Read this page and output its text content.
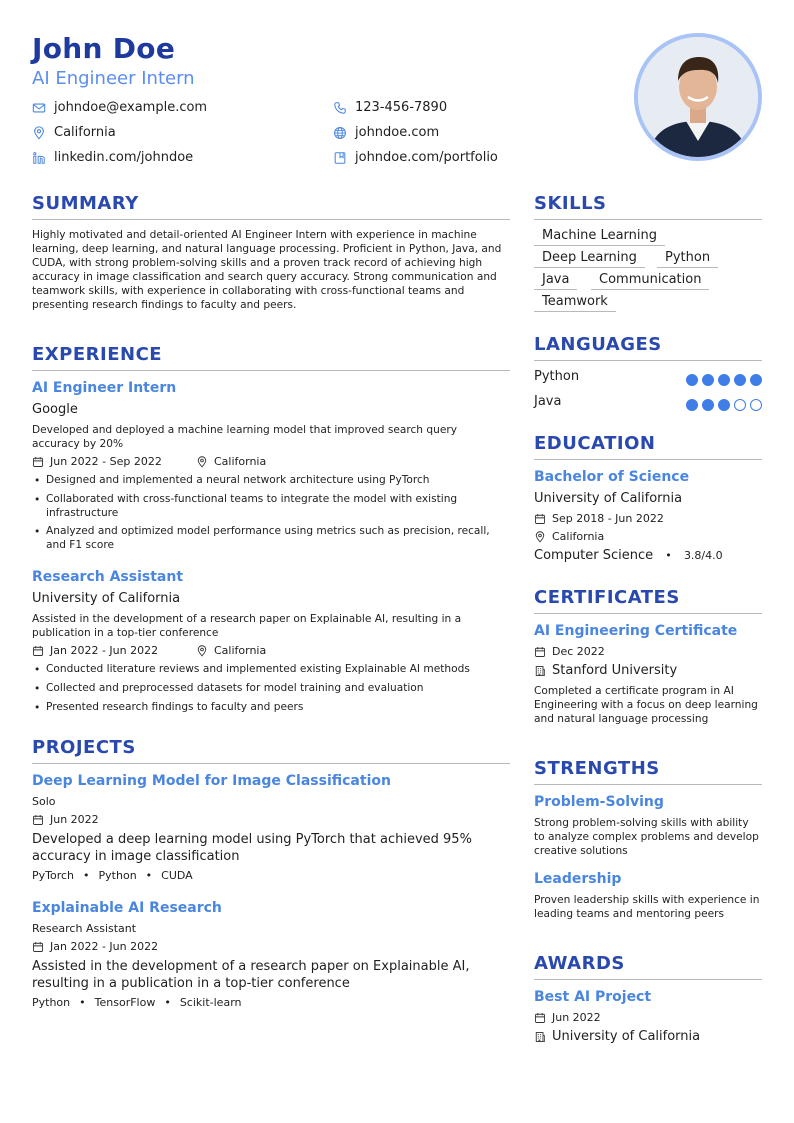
John Doe
AI Engineer Intern
johndoe@example.com	123-456-7890
California	johndoe.com
linkedin.com/johndoe	johndoe.com/portfolio
SUMMARY
Highly motivated and detail-oriented AI Engineer Intern with experience in machine learning, deep learning, and natural language processing. Proficient in Python, Java, and CUDA, with strong problem-solving skills and a proven track record of achieving high accuracy in image classification and search query accuracy. Strong communication and teamwork skills, with experience in collaborating with cross-functional teams and presenting research findings to faculty and peers.
EXPERIENCE
AI Engineer Intern
Google
Developed and deployed a machine learning model that improved search query accuracy by 20%
Jun 2022 - Sep 2022	California
• Designed and implemented a neural network architecture using PyTorch
• Collaborated with cross-functional teams to integrate the model with existing infrastructure
• Analyzed and optimized model performance using metrics such as precision, recall, and F1 score
Research Assistant
University of California
Assisted in the development of a research paper on Explainable AI, resulting in a publication in a top-tier conference
Jan 2022 - Jun 2022	California
• Conducted literature reviews and implemented existing Explainable AI methods
• Collected and preprocessed datasets for model training and evaluation
• Presented research findings to faculty and peers
PROJECTS
Deep Learning Model for Image Classification
Solo
Jun 2022
Developed a deep learning model using PyTorch that achieved 95% accuracy in image classification
PyTorch • Python • CUDA
Explainable AI Research
Research Assistant
Jan 2022 - Jun 2022
Assisted in the development of a research paper on Explainable AI, resulting in a publication in a top-tier conference
Python • TensorFlow • Scikit-learn
SKILLS
Machine Learning
Deep Learning	Python
Java	Communication
Teamwork
LANGUAGES
Python
Java
EDUCATION
Bachelor of Science
University of California
Sep 2018 - Jun 2022
California
Computer Science • 3.8/4.0
CERTIFICATES
AI Engineering Certificate
Dec 2022
Stanford University
Completed a certificate program in AI Engineering with a focus on deep learning and natural language processing
STRENGTHS
Problem-Solving
Strong problem-solving skills with ability to analyze complex problems and develop creative solutions
Leadership
Proven leadership skills with experience in leading teams and mentoring peers
AWARDS
Best AI Project
Jun 2022
University of California
